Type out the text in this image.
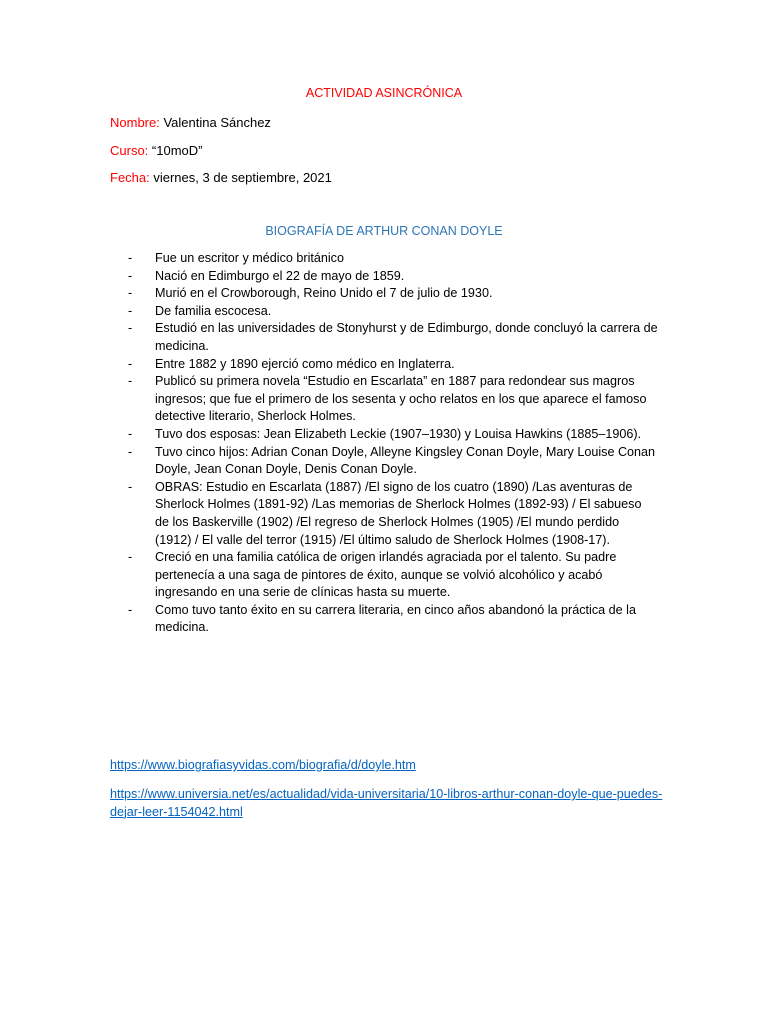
ACTIVIDAD ASINCRÓNICA
Nombre: Valentina Sánchez
Curso: “10moD”
Fecha: viernes, 3 de septiembre, 2021
BIOGRAFÍA DE ARTHUR CONAN DOYLE
- Fue un escritor y médico británico
- Nació en Edimburgo el 22 de mayo de 1859.
- Murió en el Crowborough, Reino Unido el 7 de julio de 1930.
- De familia escocesa.
- Estudió en las universidades de Stonyhurst y de Edimburgo, donde concluyó la carrera de medicina.
- Entre 1882 y 1890 ejerció como médico en Inglaterra.
- Publicó su primera novela “Estudio en Escarlata” en 1887 para redondear sus magros ingresos; que fue el primero de los sesenta y ocho relatos en los que aparece el famoso detective literario, Sherlock Holmes.
- Tuvo dos esposas: Jean Elizabeth Leckie (1907–1930) y Louisa Hawkins (1885–1906).
- Tuvo cinco hijos: Adrian Conan Doyle, Alleyne Kingsley Conan Doyle, Mary Louise Conan Doyle, Jean Conan Doyle, Denis Conan Doyle.
- OBRAS: Estudio en Escarlata (1887) /El signo de los cuatro (1890) /Las aventuras de Sherlock Holmes (1891-92) /Las memorias de Sherlock Holmes (1892-93) / El sabueso de los Baskerville (1902) /El regreso de Sherlock Holmes (1905) /El mundo perdido (1912) / El valle del terror (1915) /El último saludo de Sherlock Holmes (1908-17).
- Creció en una familia católica de origen irlandés agraciada por el talento. Su padre pertenecía a una saga de pintores de éxito, aunque se volvió alcohólico y acabó ingresando en una serie de clínicas hasta su muerte.
- Como tuvo tanto éxito en su carrera literaria, en cinco años abandonó la práctica de la medicina.
https://www.biografiasyvidas.com/biografia/d/doyle.htm
https://www.universia.net/es/actualidad/vida-universitaria/10-libros-arthur-conan-doyle-que-puedes-dejar-leer-1154042.html
